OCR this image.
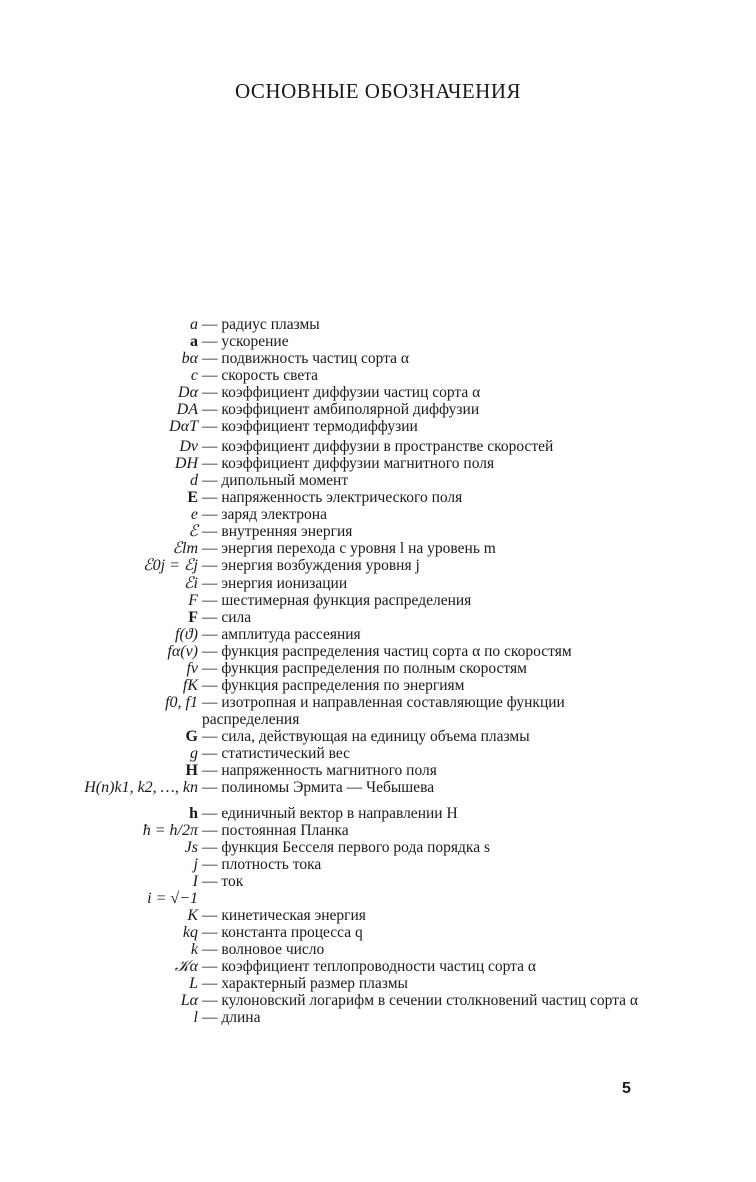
ОСНОВНЫЕ ОБОЗНАЧЕНИЯ
a — радиус плазмы
a — ускорение
bα — подвижность частиц сорта α
c — скорость света
Dα — коэффициент диффузии частиц сорта α
DA — коэффициент амбиполярной диффузии
DαT — коэффициент термодиффузии
Dv — коэффициент диффузии в пространстве скоростей
DH — коэффициент диффузии магнитного поля
d — дипольный момент
E — напряженность электрического поля
e — заряд электрона
ℰ — внутренняя энергия
ℰlm — энергия перехода с уровня l на уровень m
ℰ0j = ℰj — энергия возбуждения уровня j
ℰi — энергия ионизации
F — шестимерная функция распределения
F — сила
f(ϑ) — амплитуда рассеяния
fα(v) — функция распределения частиц сорта α по скоростям
fv — функция распределения по полным скоростям
fK — функция распределения по энергиям
f0, f1 — изотропная и направленная составляющие функции распределения
G — сила, действующая на единицу объема плазмы
g — статистический вес
H — напряженность магнитного поля
H(n)k1, k2, …, kn — полиномы Эрмита — Чебышева
h — единичный вектор в направлении H
ħ = h/2π — постоянная Планка
Js — функция Бесселя первого рода порядка s
j — плотность тока
I — ток
i = √−1
K — кинетическая энергия
kq — константа процесса q
k — волновое число
𝒦α — коэффициент теплопроводности частиц сорта α
L — характерный размер плазмы
Lα — кулоновский логарифм в сечении столкновений частиц сорта α
l — длина
5
